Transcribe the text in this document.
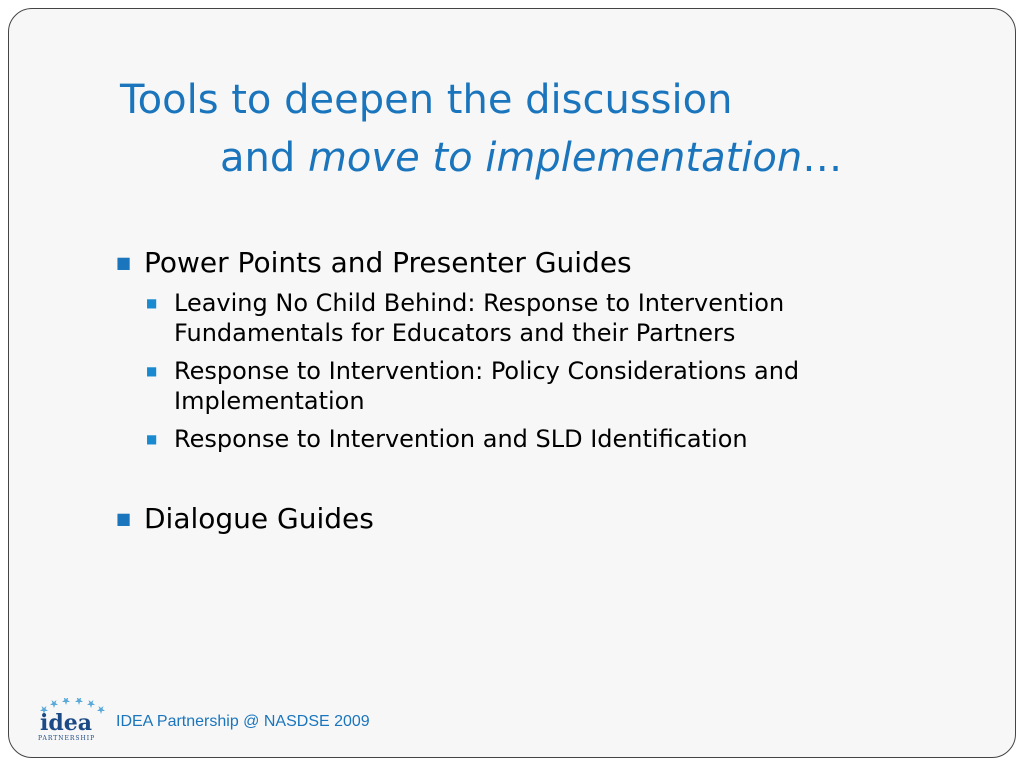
Tools to deepen the discussion
and move to implementation…
■ Power Points and Presenter Guides
■ Leaving No Child Behind: Response to Intervention Fundamentals for Educators and their Partners
■ Response to Intervention: Policy Considerations and Implementation
■ Response to Intervention and SLD Identification
■ Dialogue Guides
idea
PARTNERSHIP
IDEA Partnership @ NASDSE 2009
